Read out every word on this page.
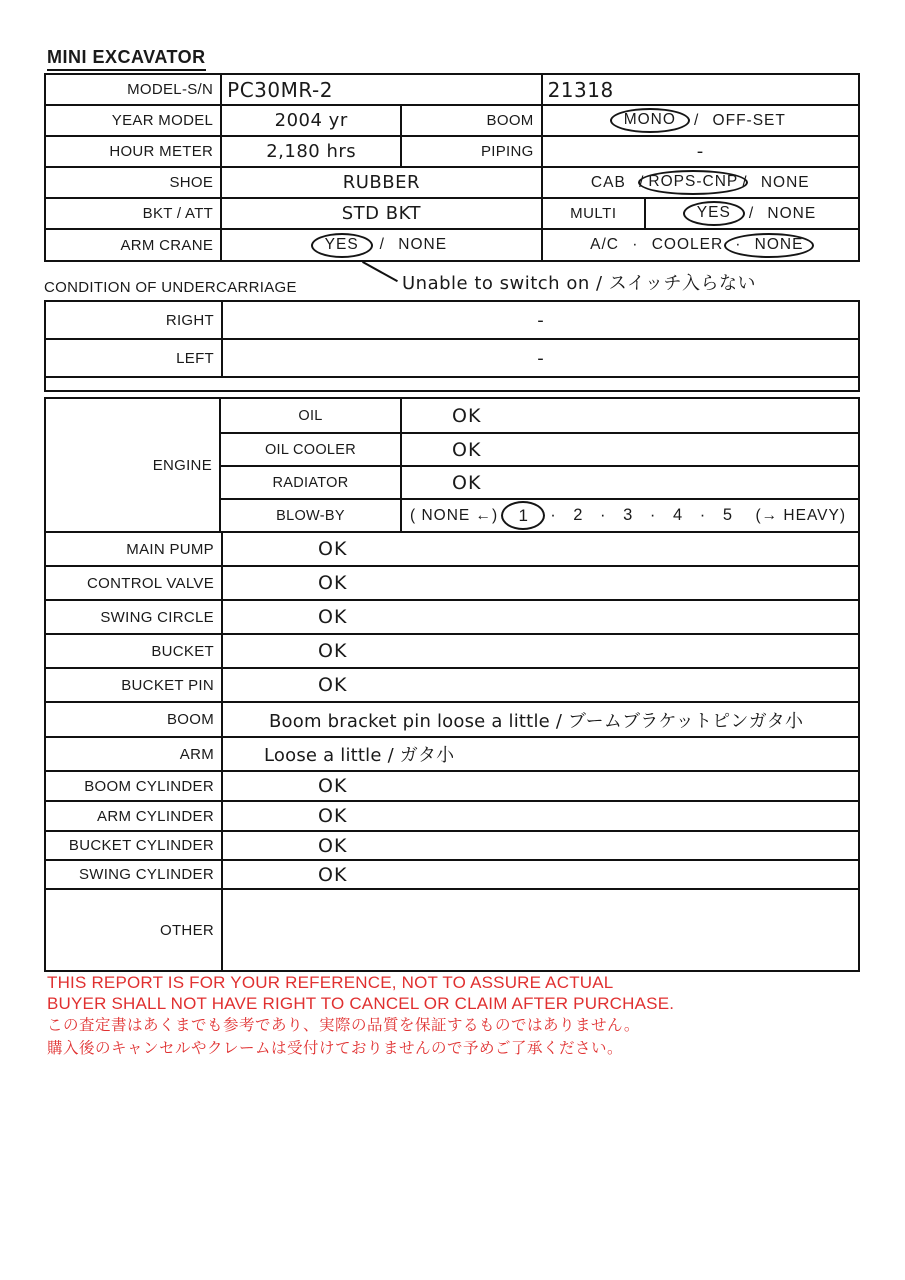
MINI EXCAVATOR
MODEL-S/N PC30MR-2	21318
YEAR MODEL	2004 yr	BOOM	MONO	/ OFF-SET
HOUR METER	2,180 hrs	PIPING	-
SHOE	RUBBER	CAB / ROPS-CNP / NONE
BKT / ATT	STD BKT	MULTI	YES	/ NONE
ARM CRANE	YES	/ NONE	A/C · COOLER · NONE
Unable to switch on / スイッチ入らない
CONDITION OF UNDERCARRIAGE
RIGHT	-
LEFT	-
ENGINE
OIL	OK
OIL COOLER	OK
RADIATOR	OK
BLOW-BY	( NONE ←)	1	· 2 · 3 · 4 · 5 (→ HEAVY)
MAIN PUMP	OK
CONTROL VALVE	OK
SWING CIRCLE	OK
BUCKET	OK
BUCKET PIN	OK
BOOM	Boom bracket pin loose a little / ブームブラケットピンガタ小
ARM	Loose a little / ガタ小
BOOM CYLINDER	OK
ARM CYLINDER	OK
BUCKET CYLINDER	OK
SWING CYLINDER	OK
OTHER
THIS REPORT IS FOR YOUR REFERENCE, NOT TO ASSURE ACTUAL
BUYER SHALL NOT HAVE RIGHT TO CANCEL OR CLAIM AFTER PURCHASE.
この査定書はあくまでも参考であり、実際の品質を保証するものではありません。
購入後のキャンセルやクレームは受付けておりませんので予めご了承ください。
